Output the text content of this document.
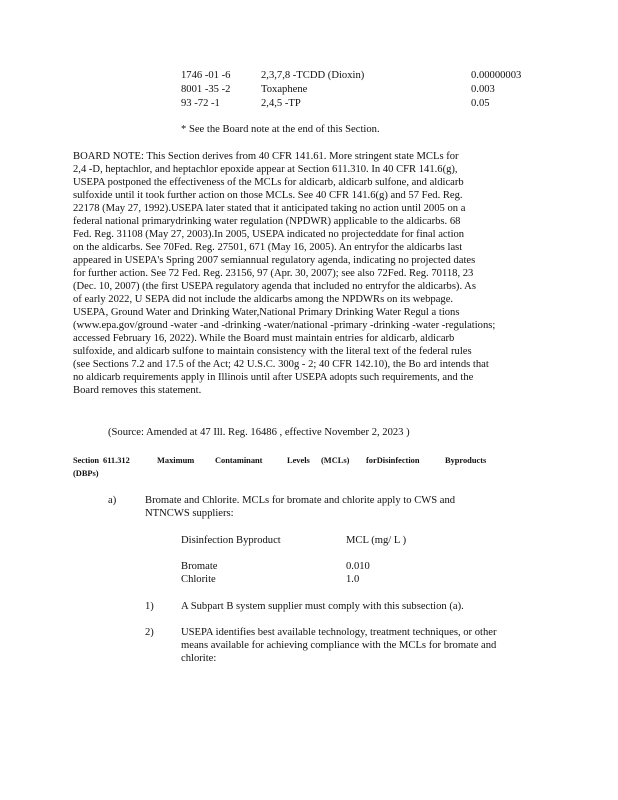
1746 -01 -6	2,3,7,8 -TCDD (Dioxin)	0.00000003
8001 -35 -2	Toxaphene	0.003
93 -72 -1	2,4,5 -TP	0.05
* See the Board note at the end of this Section.
BOARD NOTE: This Section derives from 40 CFR 141.61. More stringent state MCLs for
2,4 -D, heptachlor, and heptachlor epoxide appear at Section 611.310. In 40 CFR 141.6(g),
USEPA postponed the effectiveness of the MCLs for aldicarb, aldicarb sulfone, and aldicarb
sulfoxide until it took further action on those MCLs. See 40 CFR 141.6(g) and 57 Fed. Reg.
22178 (May 27, 1992).USEPA later stated that it anticipated taking no action until 2005 on a
federal national primarydrinking water regulation (NPDWR) applicable to the aldicarbs. 68
Fed. Reg. 31108 (May 27, 2003).In 2005, USEPA indicated no projecteddate for final action
on the aldicarbs. See 70Fed. Reg. 27501, 671 (May 16, 2005). An entryfor the aldicarbs last
appeared in USEPA's Spring 2007 semiannual regulatory agenda, indicating no projected dates
for further action. See 72 Fed. Reg. 23156, 97 (Apr. 30, 2007); see also 72Fed. Reg. 70118, 23
(Dec. 10, 2007) (the first USEPA regulatory agenda that included no entryfor the aldicarbs). As
of early 2022, U SEPA did not include the aldicarbs among the NPDWRs on its webpage.
USEPA, Ground Water and Drinking Water,National Primary Drinking Water Regul a tions
(www.epa.gov/ground -water -and -drinking -water/national -primary -drinking -water -regulations;
accessed February 16, 2022). While the Board must maintain entries for aldicarb, aldicarb
sulfoxide, and aldicarb sulfone to maintain consistency with the literal text of the federal rules
(see Sections 7.2 and 17.5 of the Act; 42 U.S.C. 300g - 2; 40 CFR 142.10), the Bo ard intends that
no aldicarb requirements apply in Illinois until after USEPA adopts such requirements, and the
Board removes this statement.
(Source: Amended at 47 Ill. Reg. 16486 , effective November 2, 2023 )
Section 611.312	Maximum Contaminant	Levels (MCLs) forDisinfection	Byproducts
(DBPs)
a)	Bromate and Chlorite. MCLs for bromate and chlorite apply to CWS and
NTNCWS suppliers:
Disinfection Byproduct	MCL (mg/ L )
Bromate	0.010
Chlorite	1.0
1)	A Subpart B system supplier must comply with this subsection (a).
2)	USEPA identifies best available technology, treatment techniques, or other
means available for achieving compliance with the MCLs for bromate and
chlorite:
